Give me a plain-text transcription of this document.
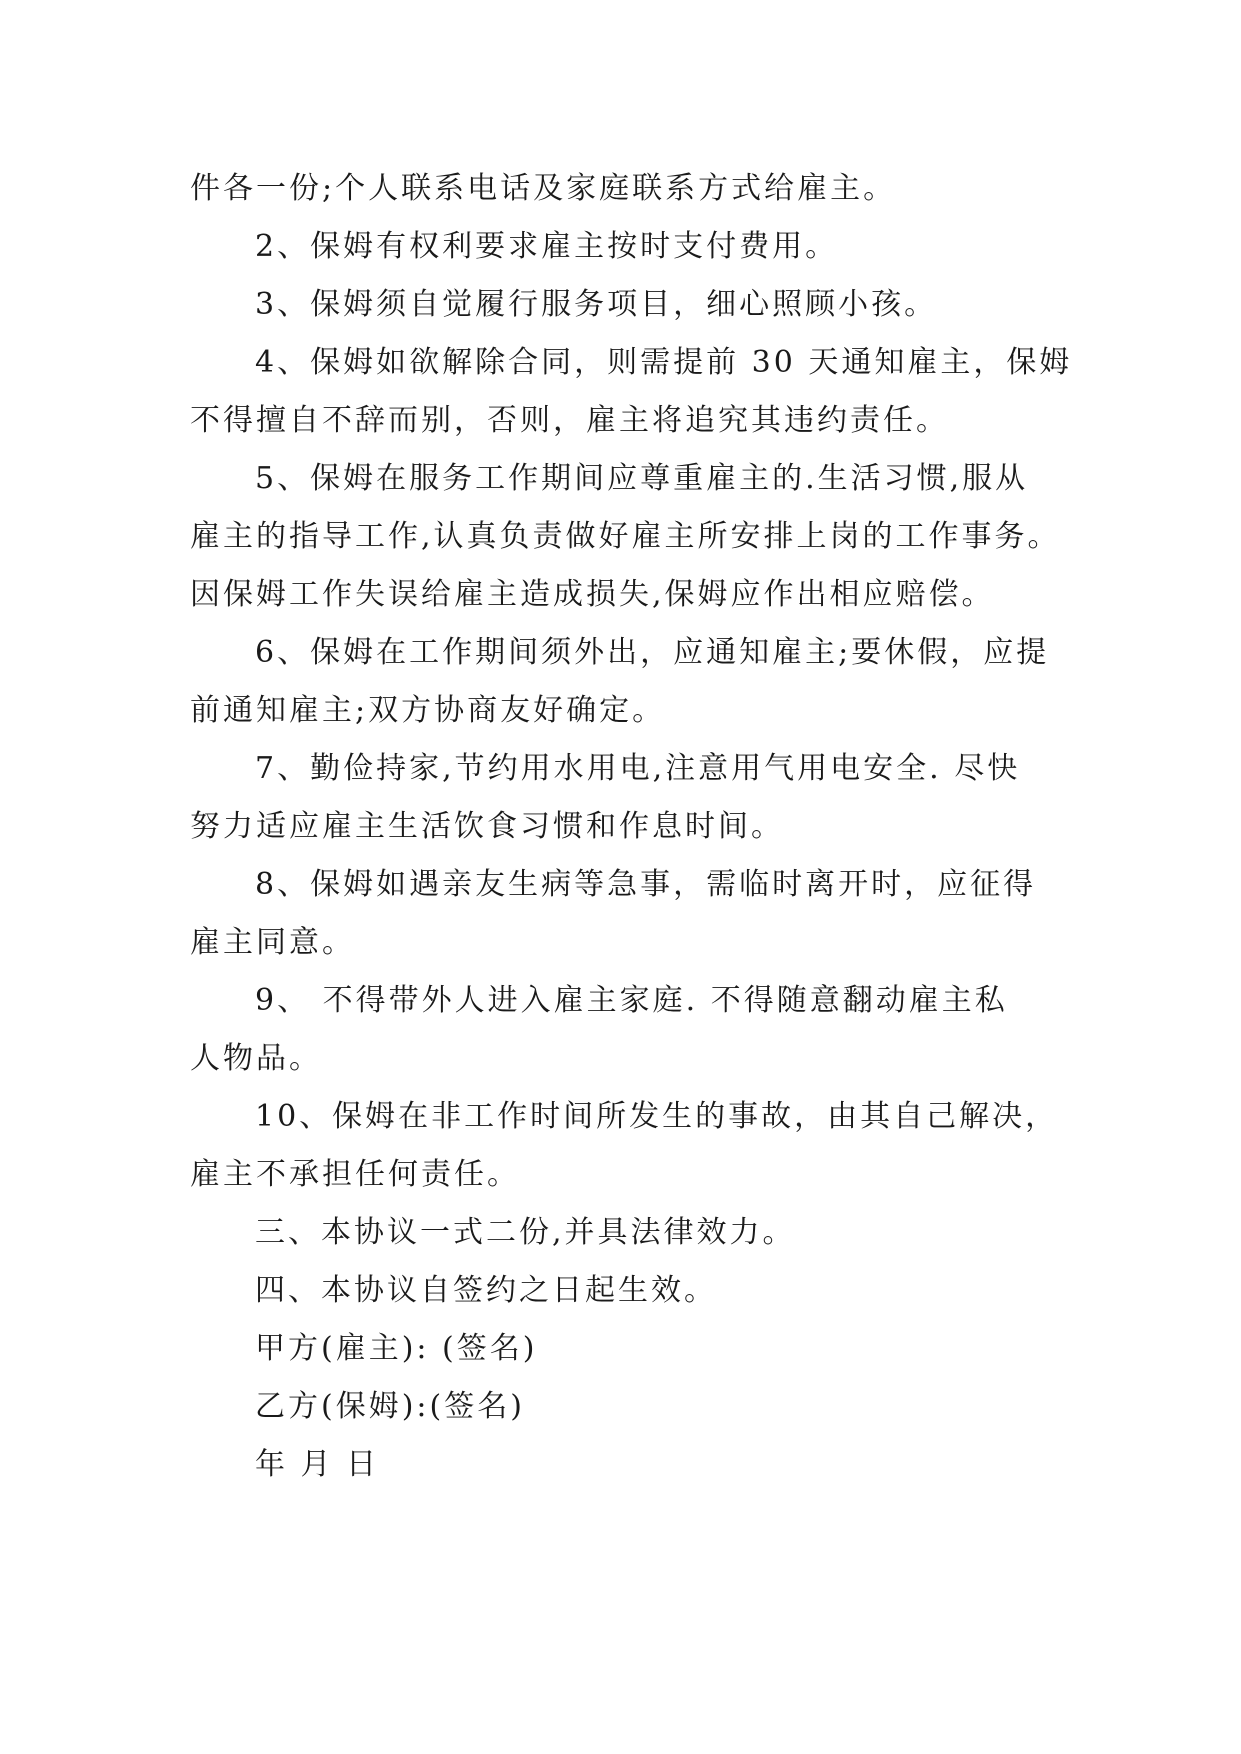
件各一份;个人联系电话及家庭联系方式给雇主。

2、保姆有权利要求雇主按时支付费用。

3、保姆须自觉履行服务项目，细心照顾小孩。

4、保姆如欲解除合同，则需提前 30 天通知雇主，保姆

不得擅自不辞而别，否则，雇主将追究其违约责任。

5、保姆在服务工作期间应尊重雇主的.生活习惯,服从

雇主的指导工作,认真负责做好雇主所安排上岗的工作事务。

因保姆工作失误给雇主造成损失,保姆应作出相应赔偿。

6、保姆在工作期间须外出，应通知雇主;要休假，应提

前通知雇主;双方协商友好确定。

7、勤俭持家,节约用水用电,注意用气用电安全. 尽快

努力适应雇主生活饮食习惯和作息时间。

8、保姆如遇亲友生病等急事，需临时离开时，应征得

雇主同意。

9、 不得带外人进入雇主家庭. 不得随意翻动雇主私

人物品。

10、保姆在非工作时间所发生的事故，由其自己解决，

雇主不承担任何责任。

三、本协议一式二份,并具法律效力。

四、本协议自签约之日起生效。

甲方(雇主): (签名)

乙方(保姆):(签名)

年 月 日
